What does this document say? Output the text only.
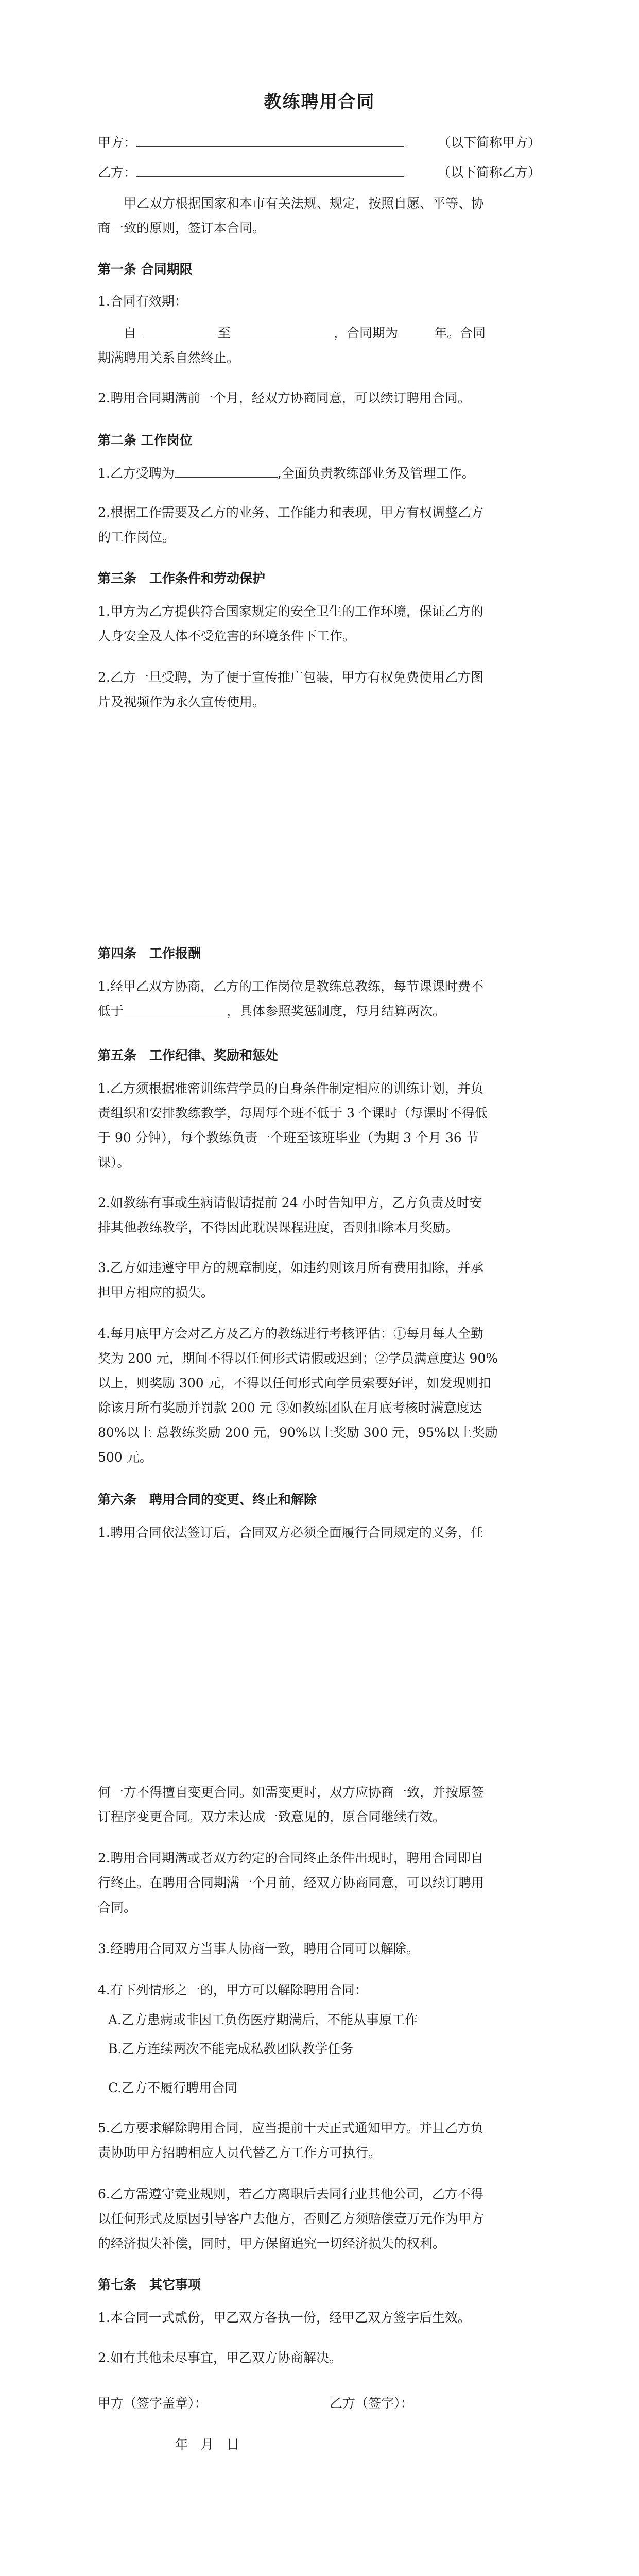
教练聘用合同
甲方：	（以下简称甲方）
乙方：	（以下简称乙方）
甲乙双方根据国家和本市有关法规、规定，按照自愿、平等、协
商一致的原则，签订本合同。
第一条 合同期限
1.合同有效期：
自	至	，合同期为	年。合同
期满聘用关系自然终止。
2.聘用合同期满前一个月，经双方协商同意，可以续订聘用合同。
第二条 工作岗位
1.乙方受聘为	,全面负责教练部业务及管理工作。
2.根据工作需要及乙方的业务、工作能力和表现，甲方有权调整乙方
的工作岗位。
第三条　工作条件和劳动保护
1.甲方为乙方提供符合国家规定的安全卫生的工作环境，保证乙方的
人身安全及人体不受危害的环境条件下工作。
2.乙方一旦受聘，为了便于宣传推广包装，甲方有权免费使用乙方图
片及视频作为永久宣传使用。
第四条　工作报酬
1.经甲乙双方协商，乙方的工作岗位是教练总教练，每节课课时费不
低于	，具体参照奖惩制度，每月结算两次。
第五条　工作纪律、奖励和惩处
1.乙方须根据雅密训练营学员的自身条件制定相应的训练计划，并负
责组织和安排教练教学，每周每个班不低于 3 个课时（每课时不得低
于 90 分钟），每个教练负责一个班至该班毕业（为期 3 个月 36 节
课）。
2.如教练有事或生病请假请提前 24 小时告知甲方，乙方负责及时安
排其他教练教学，不得因此耽误课程进度，否则扣除本月奖励。
3.乙方如违遵守甲方的规章制度，如违约则该月所有费用扣除，并承
担甲方相应的损失。
4.每月底甲方会对乙方及乙方的教练进行考核评估：①每月每人全勤
奖为 200 元，期间不得以任何形式请假或迟到；②学员满意度达 90%
以上，则奖励 300 元，不得以任何形式向学员索要好评，如发现则扣
除该月所有奖励并罚款 200 元 ③如教练团队在月底考核时满意度达
80%以上 总教练奖励 200 元，90%以上奖励 300 元，95%以上奖励
500 元。
第六条　聘用合同的变更、终止和解除
1.聘用合同依法签订后，合同双方必须全面履行合同规定的义务，任
何一方不得擅自变更合同。如需变更时，双方应协商一致，并按原签
订程序变更合同。双方未达成一致意见的，原合同继续有效。
2.聘用合同期满或者双方约定的合同终止条件出现时，聘用合同即自
行终止。在聘用合同期满一个月前，经双方协商同意，可以续订聘用
合同。
3.经聘用合同双方当事人协商一致，聘用合同可以解除。
4.有下列情形之一的，甲方可以解除聘用合同：
A.乙方患病或非因工负伤医疗期满后，不能从事原工作
B.乙方连续两次不能完成私教团队教学任务
C.乙方不履行聘用合同
5.乙方要求解除聘用合同，应当提前十天正式通知甲方。并且乙方负
责协助甲方招聘相应人员代替乙方工作方可执行。
6.乙方需遵守竞业规则，若乙方离职后去同行业其他公司，乙方不得
以任何形式及原因引导客户去他方，否则乙方须赔偿壹万元作为甲方
的经济损失补偿，同时，甲方保留追究一切经济损失的权利。
第七条　其它事项
1.本合同一式贰份，甲乙双方各执一份，经甲乙双方签字后生效。
2.如有其他未尽事宜，甲乙双方协商解决。
甲方（签字盖章）：	乙方（签字）：
年　月　日
